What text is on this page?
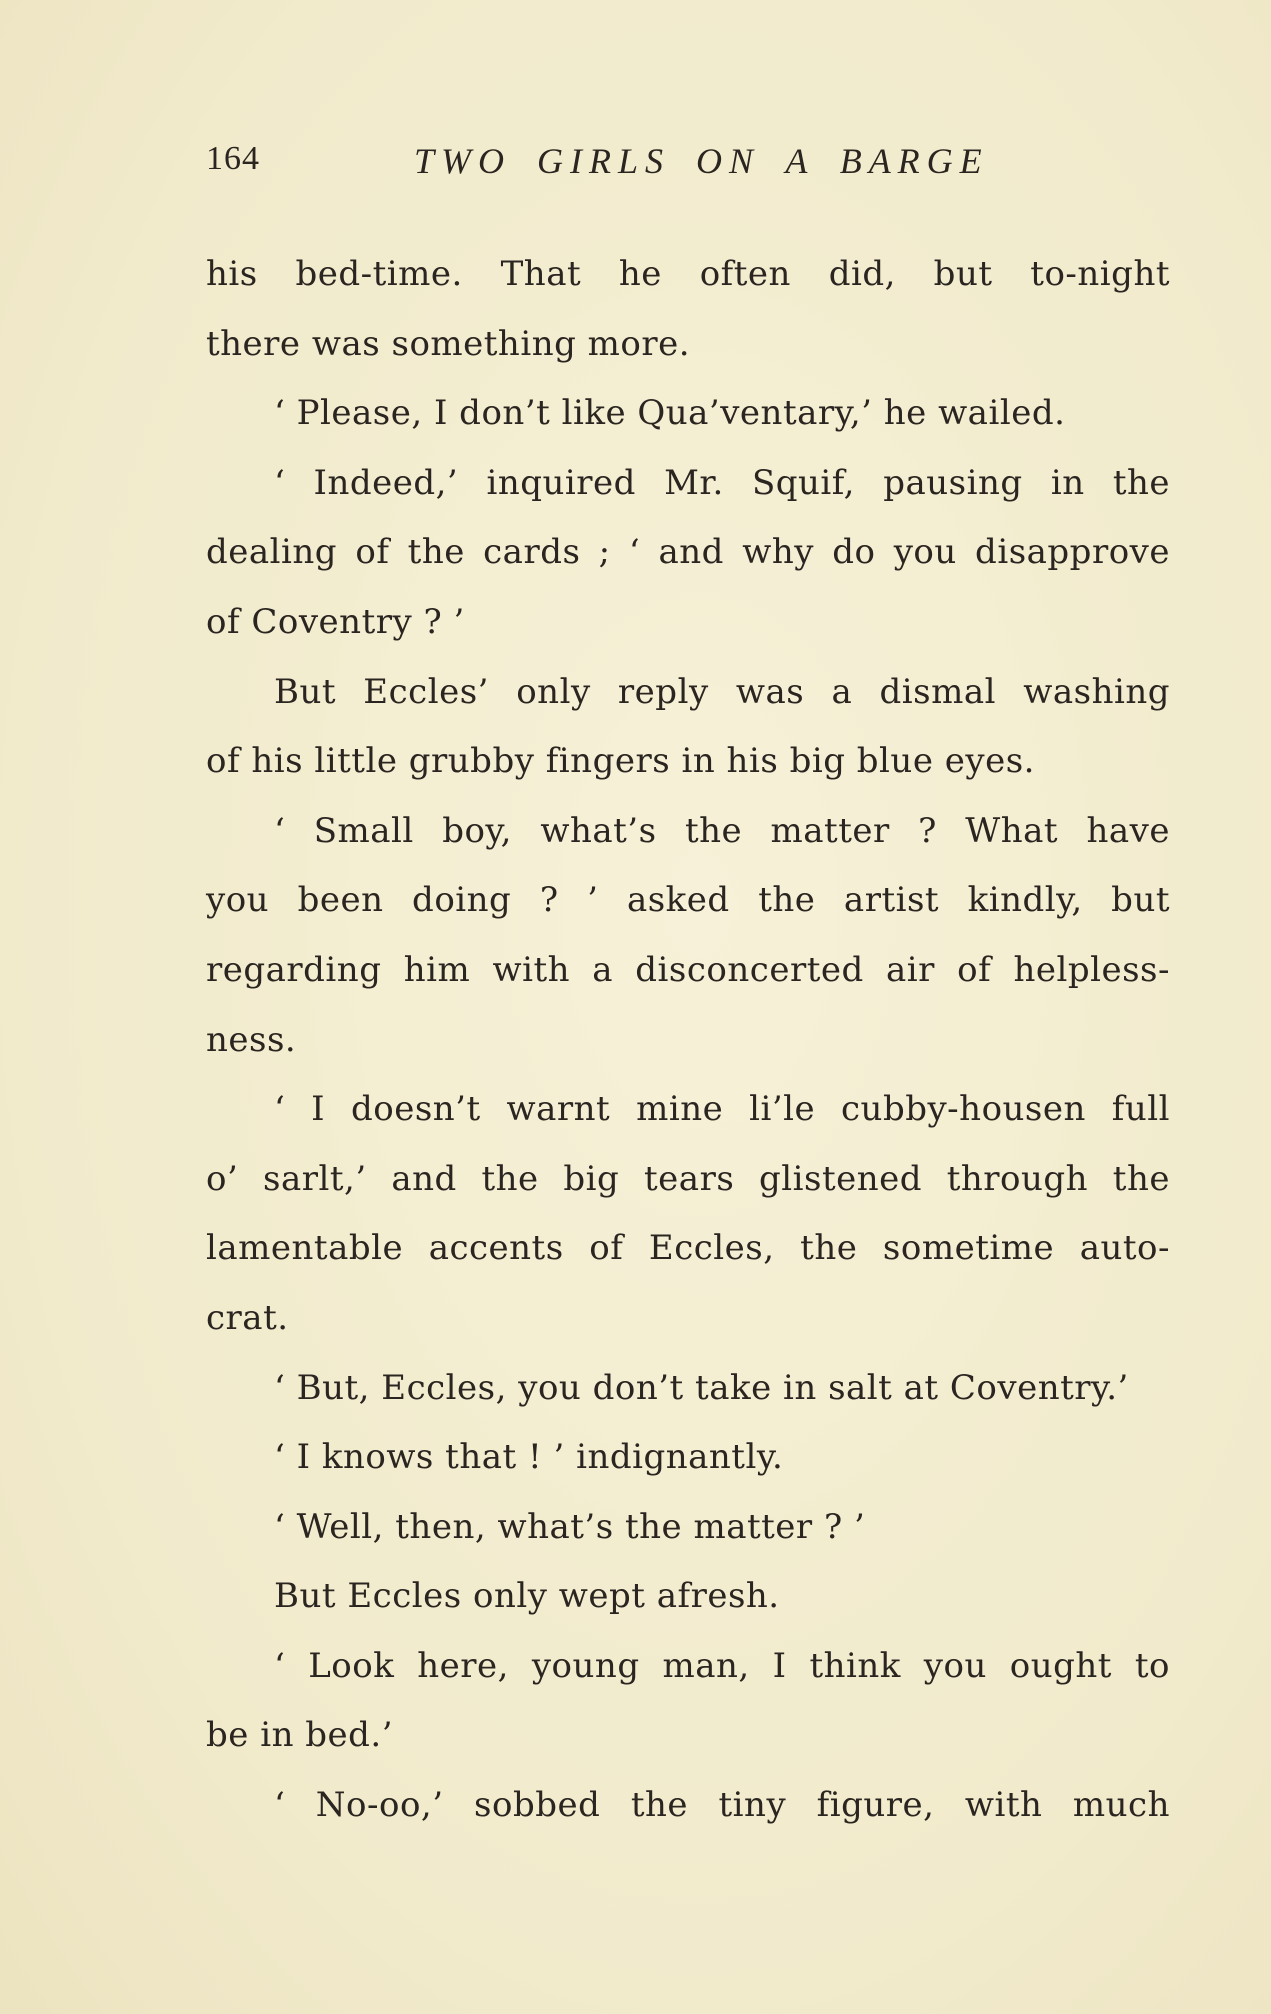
164	TWO GIRLS ON A BARGE
his bed-time. That he often did, but to-night
there was something more.
‘ Please, I don’t like Qua’ventary,’ he wailed.
‘ Indeed,’ inquired Mr. Squif, pausing in the
dealing of the cards ; ‘ and why do you disapprove
of Coventry ? ’
But Eccles’ only reply was a dismal washing
of his little grubby fingers in his big blue eyes.
‘ Small boy, what’s the matter ? What have
you been doing ? ’ asked the artist kindly, but
regarding him with a disconcerted air of helpless-
ness.
‘ I doesn’t warnt mine li’le cubby-housen full
o’ sarlt,’ and the big tears glistened through the
lamentable accents of Eccles, the sometime auto-
crat.
‘ But, Eccles, you don’t take in salt at Coventry.’
‘ I knows that ! ’ indignantly.
‘ Well, then, what’s the matter ? ’
But Eccles only wept afresh.
‘ Look here, young man, I think you ought to
be in bed.’
‘ No-oo,’ sobbed the tiny figure, with much
